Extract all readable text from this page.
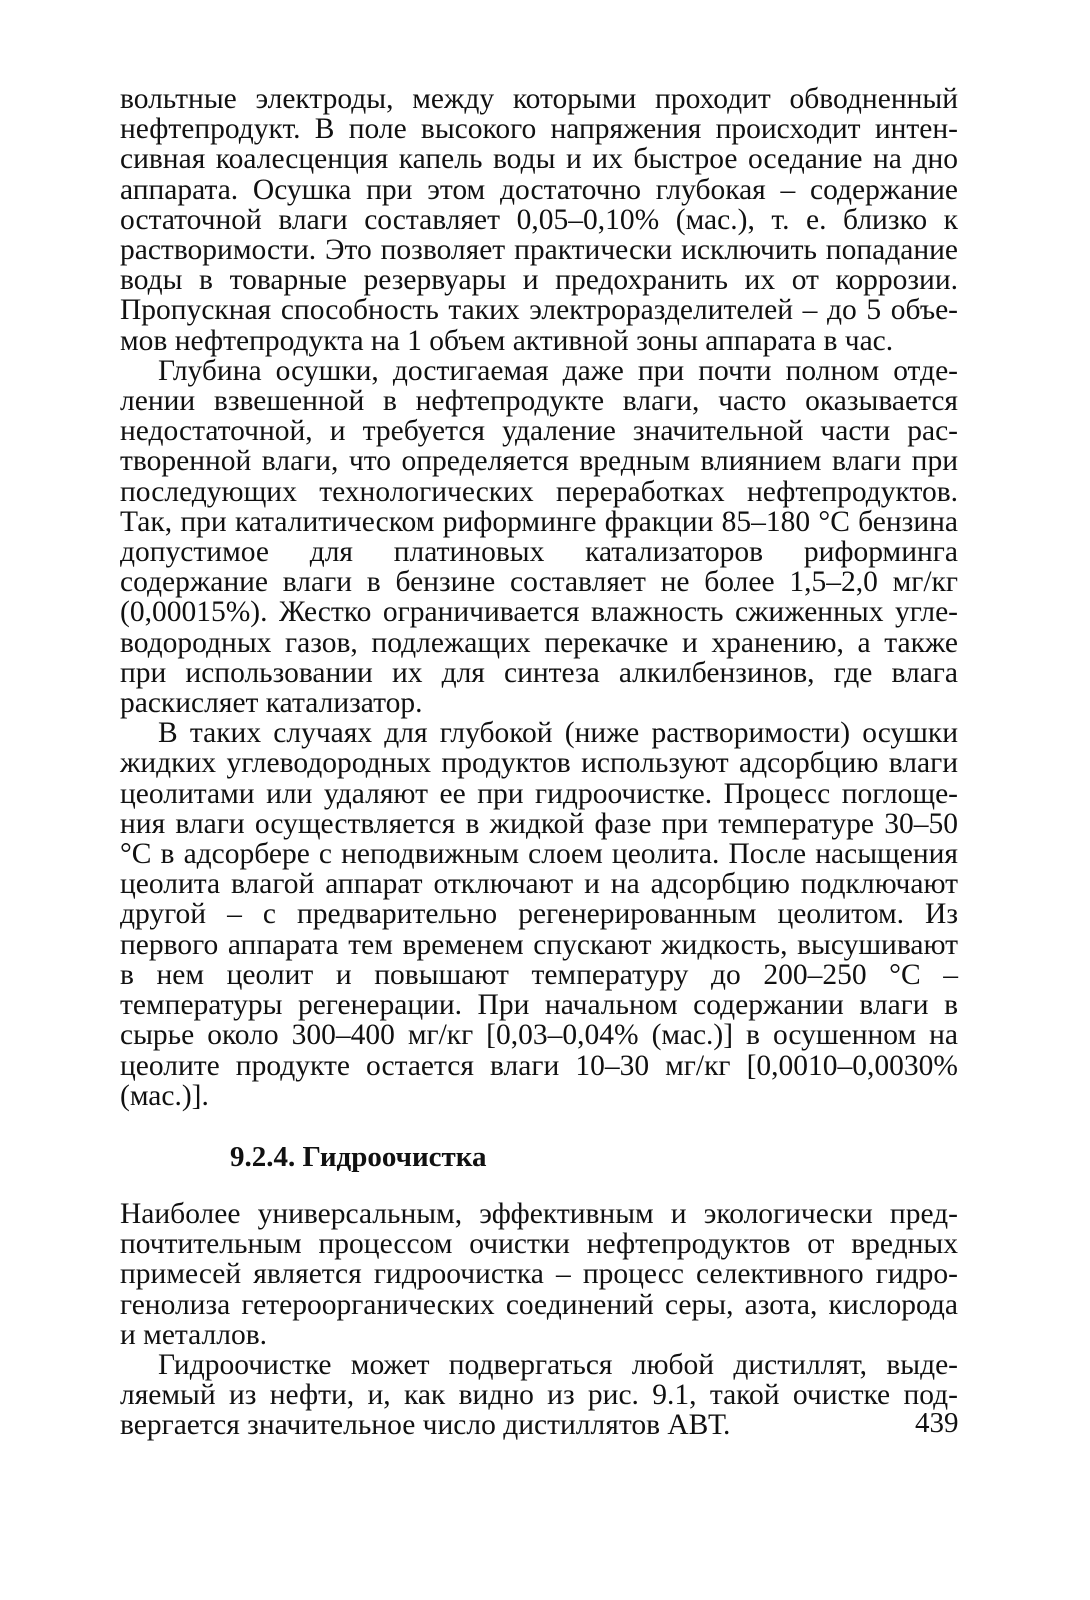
вольтные электроды, между которыми проходит обводненный нефтепродукт. В поле высокого напряжения происходит интенсивная коалесценция капель воды и их быстрое оседание на дно аппарата. Осушка при этом достаточно глубокая – содержание остаточной влаги составляет 0,05–0,10% (мас.), т. е. близко к растворимости. Это позволяет практически исключить попадание воды в товарные резервуары и предохранить их от коррозии. Пропускная способность таких электроразделителей – до 5 объемов нефтепродукта на 1 объем активной зоны аппарата в час.

Глубина осушки, достигаемая даже при почти полном отделении взвешенной в нефтепродукте влаги, часто оказывается недостаточной, и требуется удаление значительной части растворенной влаги, что определяется вредным влиянием влаги при последующих технологических переработках нефтепродуктов. Так, при каталитическом риформинге фракции 85–180 °C бензина допустимое для платиновых катализаторов риформинга содержание влаги в бензине составляет не более 1,5–2,0 мг/кг (0,00015%). Жестко ограничивается влажность сжиженных углеводородных газов, подлежащих перекачке и хранению, а также при использовании их для синтеза алкилбензинов, где влага раскисляет катализатор.

В таких случаях для глубокой (ниже растворимости) осушки жидких углеводородных продуктов используют адсорбцию влаги цеолитами или удаляют ее при гидроочистке. Процесс поглощения влаги осуществляется в жидкой фазе при температуре 30–50 °C в адсорбере с неподвижным слоем цеолита. После насыщения цеолита влагой аппарат отключают и на адсорбцию подключают другой – с предварительно регенерированным цеолитом. Из первого аппарата тем временем спускают жидкость, высушивают в нем цеолит и повышают температуру до 200–250 °C – температуры регенерации. При начальном содержании влаги в сырье около 300–400 мг/кг [0,03–0,04% (мас.)] в осушенном на цеолите продукте остается влаги 10–30 мг/кг [0,0010–0,0030% (мас.)].

9.2.4. Гидроочистка

Наиболее универсальным, эффективным и экологически предпочтительным процессом очистки нефтепродуктов от вредных примесей является гидроочистка – процесс селективного гидрогенолиза гетероорганических соединений серы, азота, кислорода и металлов.

Гидроочистке может подвергаться любой дистиллят, выделяемый из нефти, и, как видно из рис. 9.1, такой очистке подвергается значительное число дистиллятов АВТ.	439
